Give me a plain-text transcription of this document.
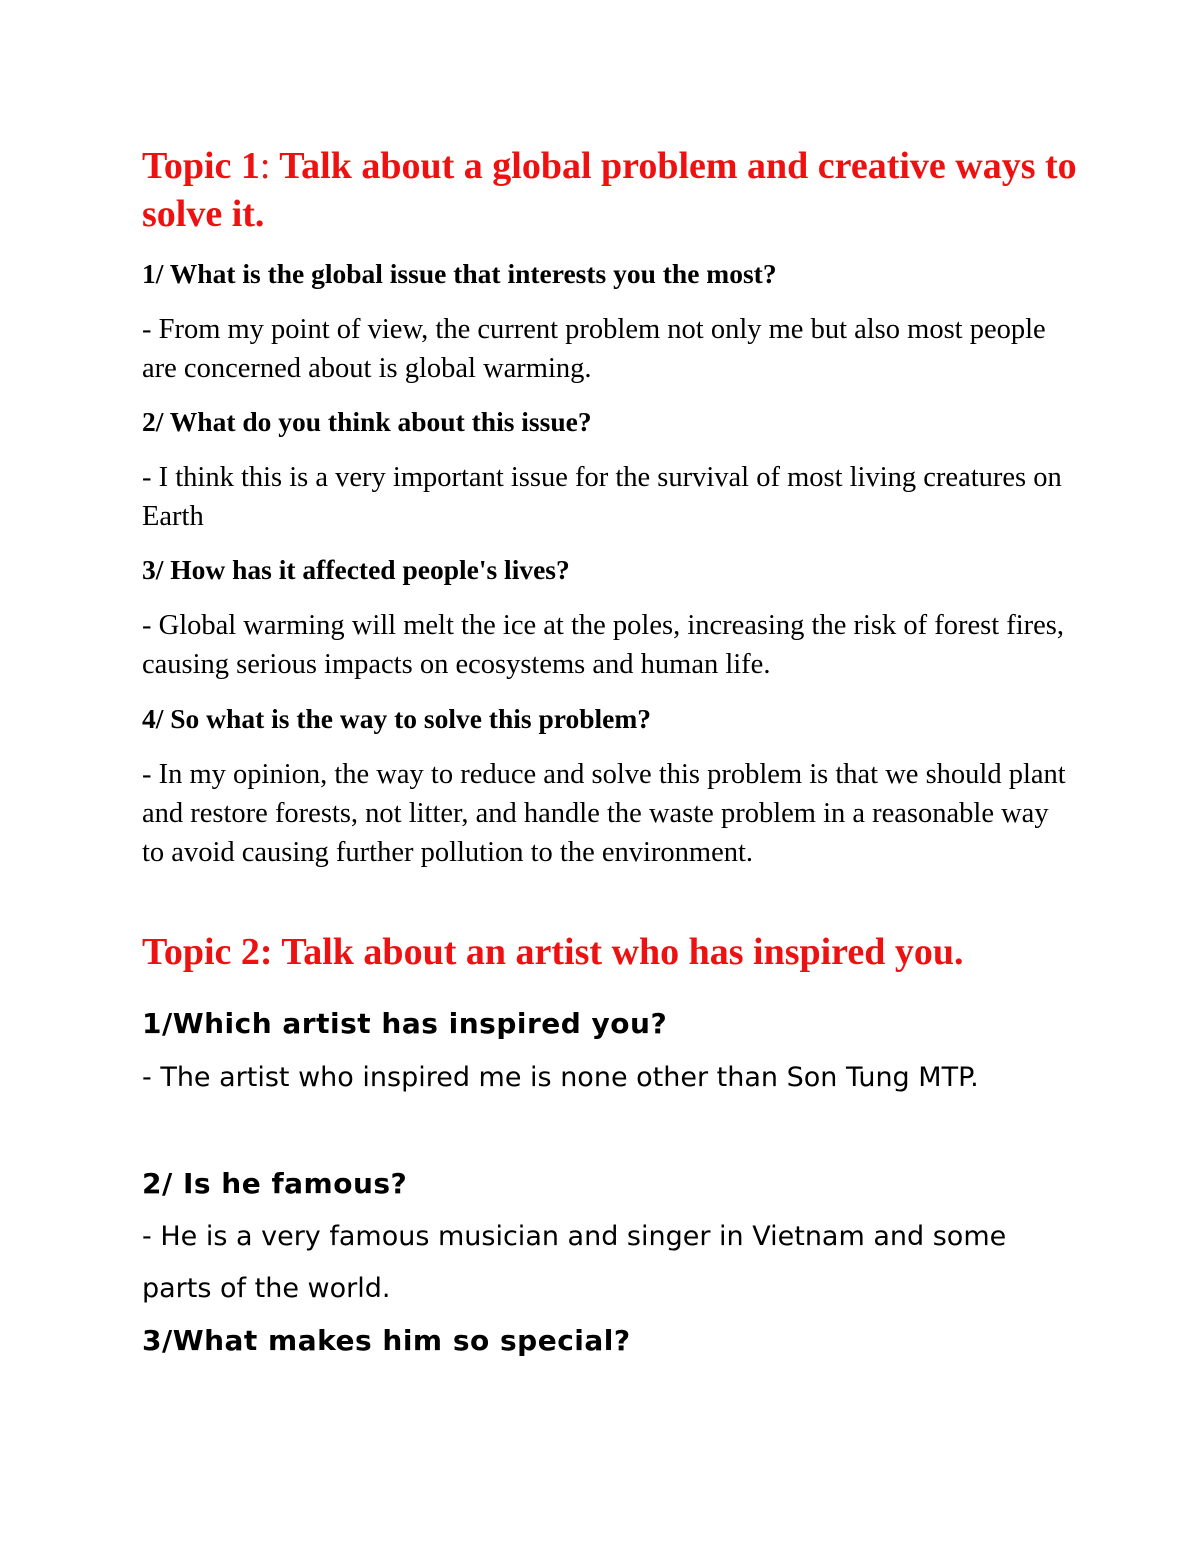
Topic 1: Talk about a global problem and creative ways to solve it.

1/ What is the global issue that interests you the most?

- From my point of view, the current problem not only me but also most people are concerned about is global warming.

2/ What do you think about this issue?

- I think this is a very important issue for the survival of most living creatures on Earth

3/ How has it affected people's lives?

- Global warming will melt the ice at the poles, increasing the risk of forest fires, causing serious impacts on ecosystems and human life.

4/ So what is the way to solve this problem?

- In my opinion, the way to reduce and solve this problem is that we should plant and restore forests, not litter, and handle the waste problem in a reasonable way to avoid causing further pollution to the environment.

Topic 2: Talk about an artist who has inspired you.

1/Which artist has inspired you?

- The artist who inspired me is none other than Son Tung MTP.

2/ Is he famous?

- He is a very famous musician and singer in Vietnam and some parts of the world.

3/What makes him so special?
